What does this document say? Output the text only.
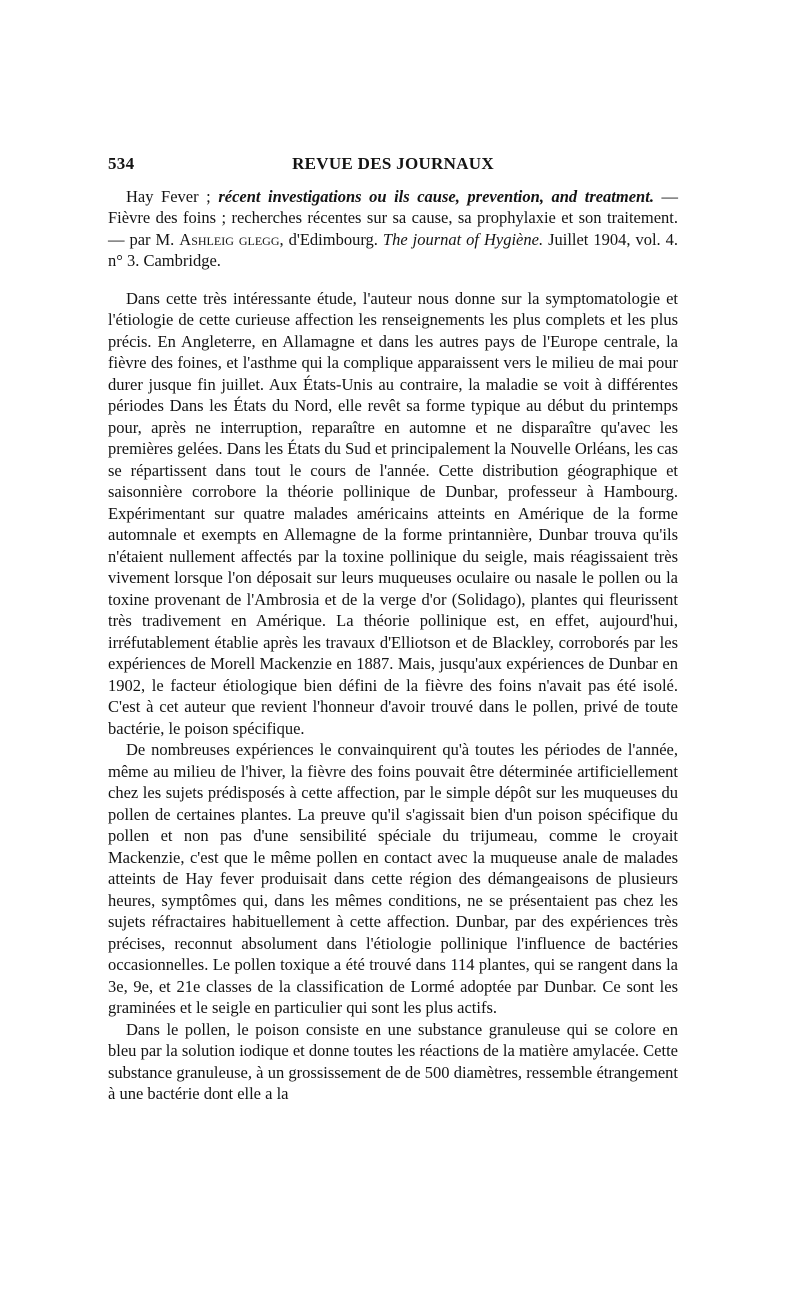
534	REVUE DES JOURNAUX

Hay Fever ; récent investigations ou ils cause, prevention, and treatment. — Fièvre des foins ; recherches récentes sur sa cause, sa prophylaxie et son traitement. — par M. Ashleig glegg, d'Edimbourg. The journat of Hygiène. Juillet 1904, vol. 4. n° 3. Cambridge.

Dans cette très intéressante étude, l'auteur nous donne sur la symptomatologie et l'étiologie de cette curieuse affection les renseignements les plus complets et les plus précis. En Angleterre, en Allamagne et dans les autres pays de l'Europe centrale, la fièvre des foines, et l'asthme qui la complique apparaissent vers le milieu de mai pour durer jusque fin juillet. Aux États-Unis au contraire, la maladie se voit à différentes périodes Dans les États du Nord, elle revêt sa forme typique au début du printemps pour, après ne interruption, reparaître en automne et ne disparaître qu'avec les premières gelées. Dans les États du Sud et principalement la Nouvelle Orléans, les cas se répartissent dans tout le cours de l'année. Cette distribution géographique et saisonnière corrobore la théorie pollinique de Dunbar, professeur à Hambourg. Expérimentant sur quatre malades américains atteints en Amérique de la forme automnale et exempts en Allemagne de la forme printannière, Dunbar trouva qu'ils n'étaient nullement affectés par la toxine pollinique du seigle, mais réagissaient très vivement lorsque l'on déposait sur leurs muqueuses oculaire ou nasale le pollen ou la toxine provenant de l'Ambrosia et de la verge d'or (Solidago), plantes qui fleurissent très tradivement en Amérique. La théorie pollinique est, en effet, aujourd'hui, irréfutablement établie après les travaux d'Elliotson et de Blackley, corroborés par les expériences de Morell Mackenzie en 1887. Mais, jusqu'aux expériences de Dunbar en 1902, le facteur étiologique bien défini de la fièvre des foins n'avait pas été isolé. C'est à cet auteur que revient l'honneur d'avoir trouvé dans le pollen, privé de toute bactérie, le poison spécifique.

De nombreuses expériences le convainquirent qu'à toutes les périodes de l'année, même au milieu de l'hiver, la fièvre des foins pouvait être déterminée artificiellement chez les sujets prédisposés à cette affection, par le simple dépôt sur les muqueuses du pollen de certaines plantes. La preuve qu'il s'agissait bien d'un poison spécifique du pollen et non pas d'une sensibilité spéciale du trijumeau, comme le croyait Mackenzie, c'est que le même pollen en contact avec la muqueuse anale de malades atteints de Hay fever produisait dans cette région des démangeaisons de plusieurs heures, symptômes qui, dans les mêmes conditions, ne se présentaient pas chez les sujets réfractaires habituellement à cette affection. Dunbar, par des expériences très précises, reconnut absolument dans l'étiologie pollinique l'influence de bactéries occasionnelles. Le pollen toxique a été trouvé dans 114 plantes, qui se rangent dans la 3e, 9e, et 21e classes de la classification de Lormé adoptée par Dunbar. Ce sont les graminées et le seigle en particulier qui sont les plus actifs.

Dans le pollen, le poison consiste en une substance granuleuse qui se colore en bleu par la solution iodique et donne toutes les réactions de la matière amylacée. Cette substance granuleuse, à un grossissement de de 500 diamètres, ressemble étrangement à une bactérie dont elle a la
